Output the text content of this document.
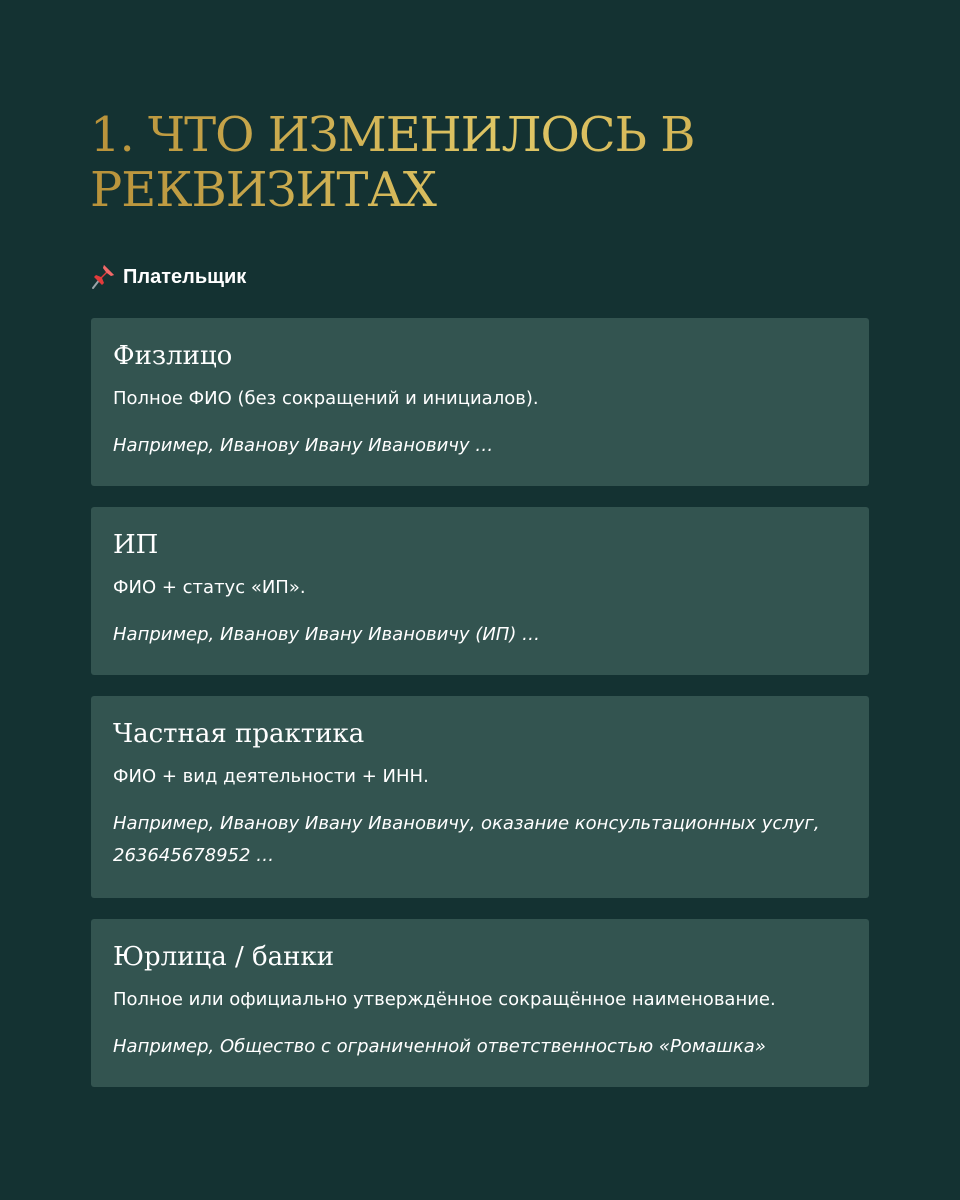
1. ЧТО ИЗМЕНИЛОСЬ В
РЕКВИЗИТАХ
Плательщик
Физлицо

Полное ФИО (без сокращений и инициалов).

Например, Иванову Ивану Ивановичу …

ИП

ФИО + статус «ИП».

Например, Иванову Ивану Ивановичу (ИП) …

Частная практика

ФИО + вид деятельности + ИНН.

Например, Иванову Ивану Ивановичу, оказание консультационных услуг, 263645678952 …

Юрлица / банки

Полное или официально утверждённое сокращённое наименование.

Например, Общество с ограниченной ответственностью «Ромашка»
